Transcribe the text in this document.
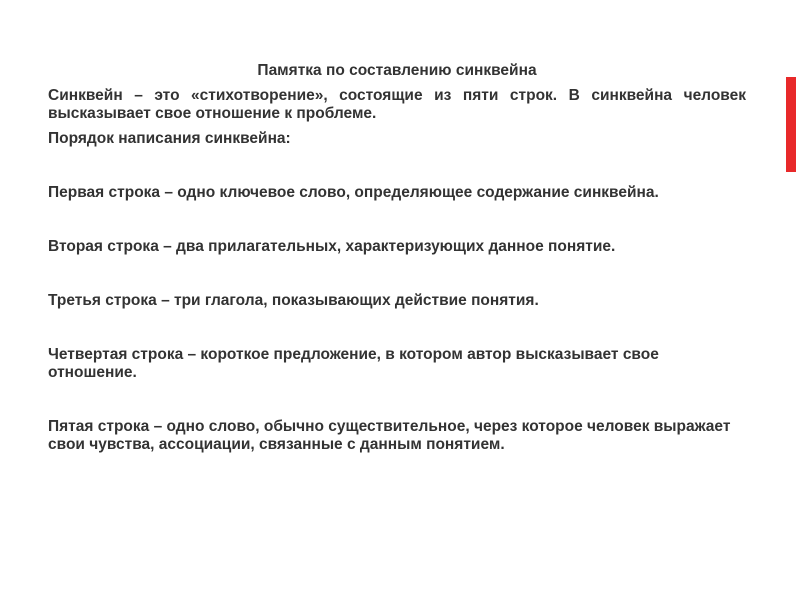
Памятка по составлению синквейна

Синквейн – это «стихотворение», состоящие из пяти строк. В синквейна человек высказывает свое отношение к проблеме.

Порядок написания синквейна:

Первая строка – одно ключевое слово, определяющее содержание синквейна.

Вторая строка – два прилагательных, характеризующих данное понятие.

Третья строка – три глагола, показывающих действие понятия.

Четвертая строка – короткое предложение, в котором автор высказывает свое отношение.

Пятая строка – одно слово, обычно существительное, через которое человек выражает свои чувства, ассоциации, связанные с данным понятием.
